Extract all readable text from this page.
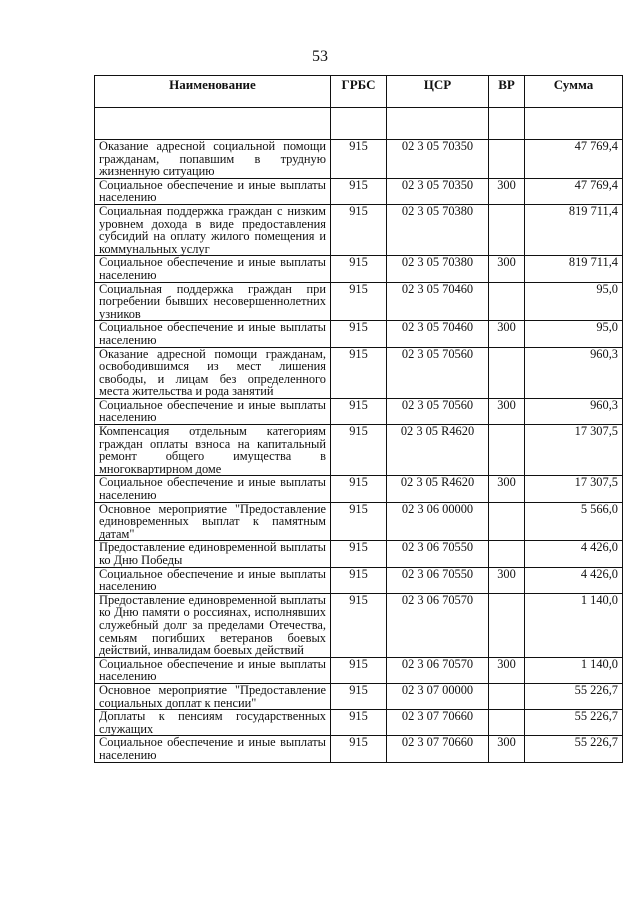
53
Наименование	ГРБС	ЦСР	ВР	Сумма

Оказание адресной социальной помощи гражданам, попавшим в трудную жизненную ситуацию	915	02 3 05 70350		47 769,4
Социальное обеспечение и иные выплаты населению	915	02 3 05 70350	300	47 769,4
Социальная поддержка граждан с низким уровнем дохода в виде предоставления субсидий на оплату жилого помещения и коммунальных услуг	915	02 3 05 70380		819 711,4
Социальное обеспечение и иные выплаты населению	915	02 3 05 70380	300	819 711,4
Социальная поддержка граждан при погребении бывших несовершеннолетних узников	915	02 3 05 70460		95,0
Социальное обеспечение и иные выплаты населению	915	02 3 05 70460	300	95,0
Оказание адресной помощи гражданам, освободившимся из мест лишения свободы, и лицам без определенного места жительства и рода занятий	915	02 3 05 70560		960,3
Социальное обеспечение и иные выплаты населению	915	02 3 05 70560	300	960,3
Компенсация отдельным категориям граждан оплаты взноса на капитальный ремонт общего имущества в многоквартирном доме	915	02 3 05 R4620		17 307,5
Социальное обеспечение и иные выплаты населению	915	02 3 05 R4620	300	17 307,5
Основное мероприятие "Предоставление единовременных выплат к памятным датам"	915	02 3 06 00000		5 566,0
Предоставление единовременной выплаты ко Дню Победы	915	02 3 06 70550		4 426,0
Социальное обеспечение и иные выплаты населению	915	02 3 06 70550	300	4 426,0
Предоставление единовременной выплаты ко Дню памяти о россиянах, исполнявших служебный долг за пределами Отечества, семьям погибших ветеранов боевых действий, инвалидам боевых действий	915	02 3 06 70570		1 140,0
Социальное обеспечение и иные выплаты населению	915	02 3 06 70570	300	1 140,0
Основное мероприятие "Предоставление социальных доплат к пенсии"	915	02 3 07 00000		55 226,7
Доплаты к пенсиям государственных служащих	915	02 3 07 70660		55 226,7
Социальное обеспечение и иные выплаты населению	915	02 3 07 70660	300	55 226,7
